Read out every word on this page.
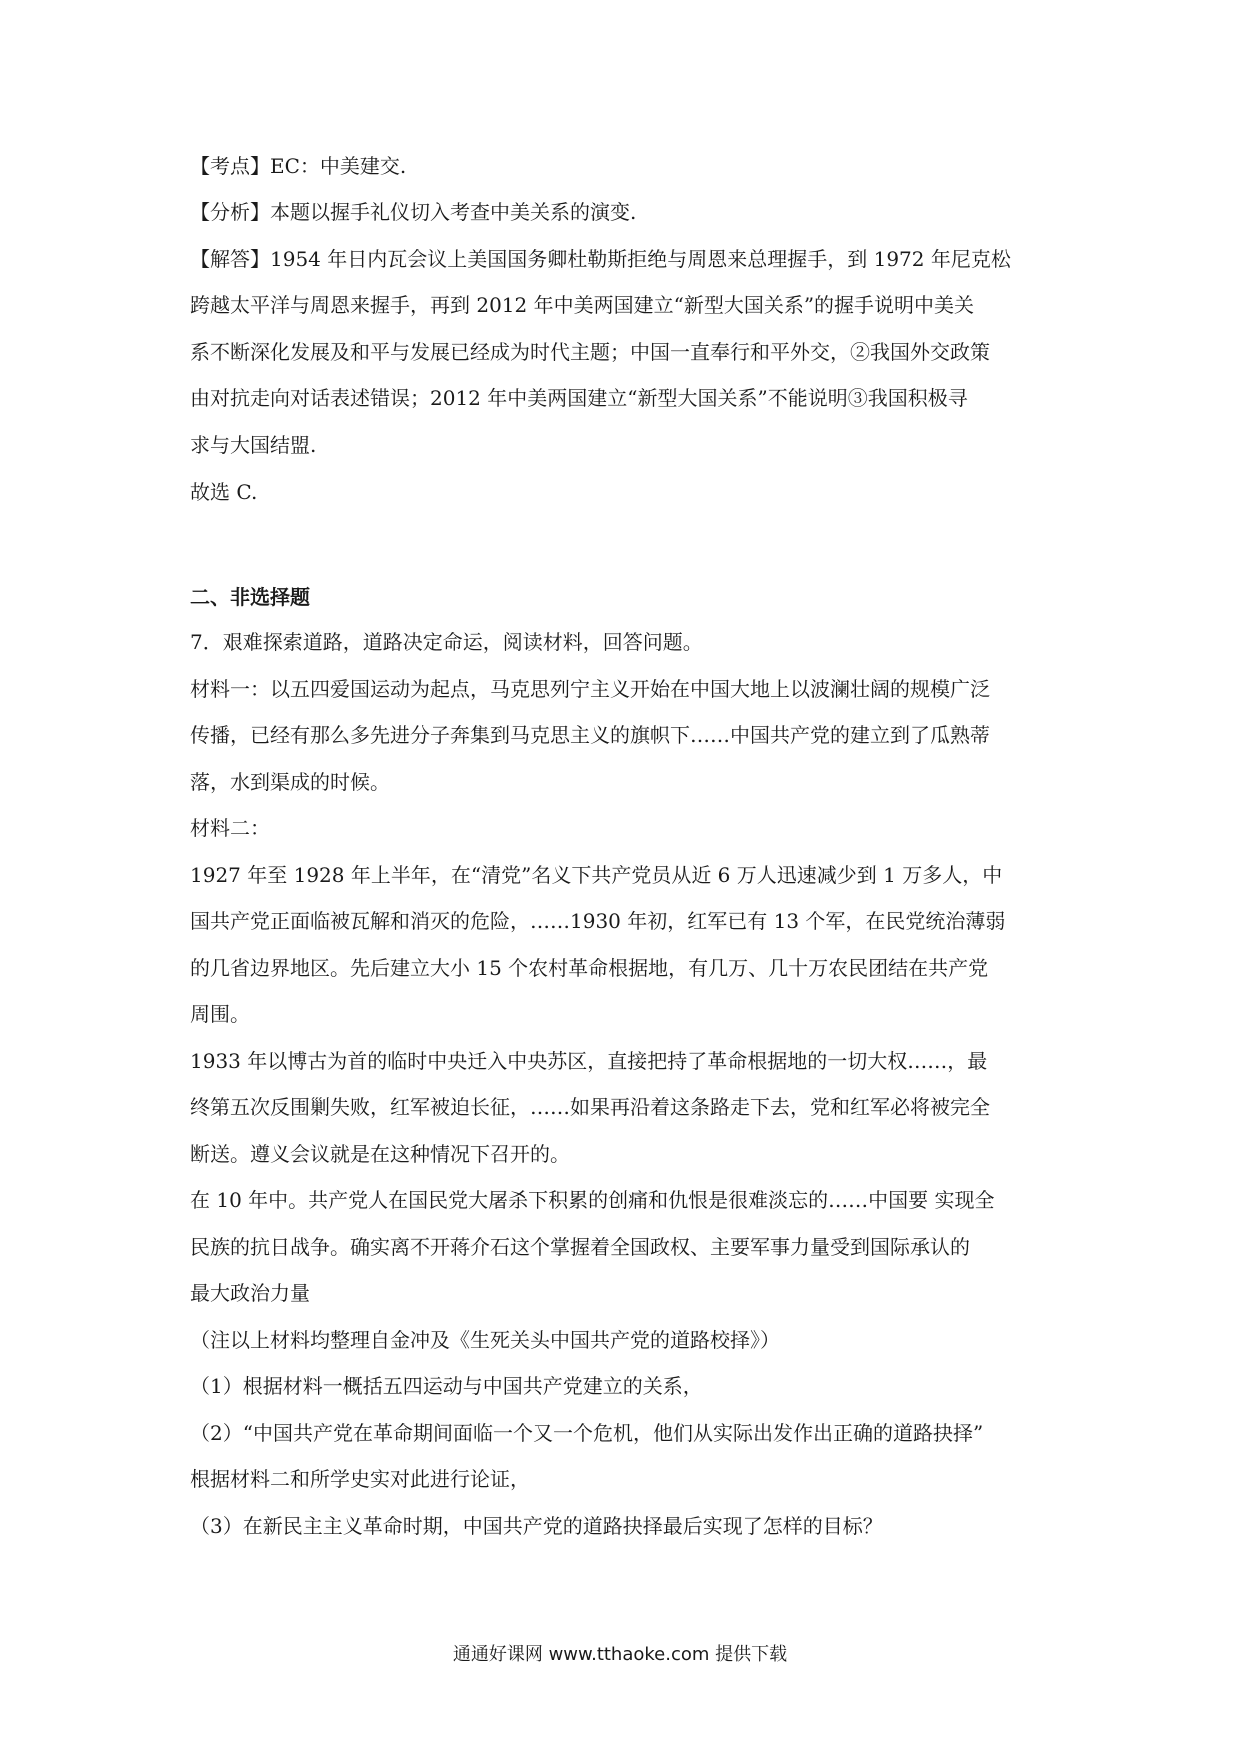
【考点】EC：中美建交.
【分析】本题以握手礼仪切入考查中美关系的演变.
【解答】1954 年日内瓦会议上美国国务卿杜勒斯拒绝与周恩来总理握手，到 1972 年尼克松
跨越太平洋与周恩来握手，再到 2012 年中美两国建立“新型大国关系”的握手说明中美关
系不断深化发展及和平与发展已经成为时代主题；中国一直奉行和平外交，②我国外交政策
由对抗走向对话表述错误；2012 年中美两国建立“新型大国关系”不能说明③我国积极寻
求与大国结盟.
故选 C.
二、非选择题
7．艰难探索道路，道路决定命运，阅读材料，回答问题。
材料一：以五四爱国运动为起点，马克思列宁主义开始在中国大地上以波澜壮阔的规模广泛
传播，已经有那么多先进分子奔集到马克思主义的旗帜下……中国共产党的建立到了瓜熟蒂
落，水到渠成的时候。
材料二：
1927 年至 1928 年上半年，在“清党”名义下共产党员从近 6 万人迅速减少到 1 万多人，中
国共产党正面临被瓦解和消灭的危险，……1930 年初，红军已有 13 个军，在民党统治薄弱
的几省边界地区。先后建立大小 15 个农村革命根据地，有几万、几十万农民团结在共产党
周围。
1933 年以博古为首的临时中央迁入中央苏区，直接把持了革命根据地的一切大权……，最
终第五次反围剿失败，红军被迫长征，……如果再沿着这条路走下去，党和红军必将被完全
断送。遵义会议就是在这种情况下召开的。
在 10 年中。共产党人在国民党大屠杀下积累的创痛和仇恨是很难淡忘的……中国要 实现全
民族的抗日战争。确实离不开蒋介石这个掌握着全国政权、主要军事力量受到国际承认的
最大政治力量
（注以上材料均整理自金冲及《生死关头中国共产党的道路校择》）
（1）根据材料一概括五四运动与中国共产党建立的关系，
（2）“中国共产党在革命期间面临一个又一个危机，他们从实际出发作出正确的道路抉择”
根据材料二和所学史实对此进行论证，
（3）在新民主主义革命时期，中国共产党的道路抉择最后实现了怎样的目标？
通通好课网 www.tthaoke.com 提供下载
